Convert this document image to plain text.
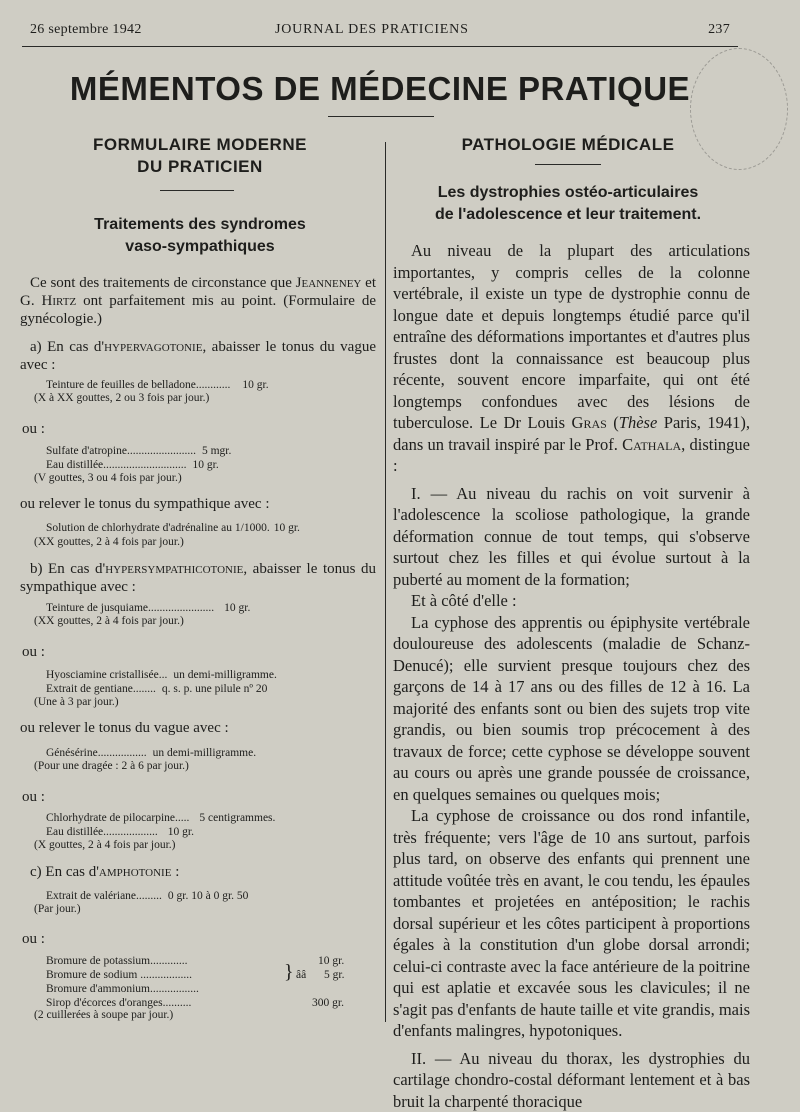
26 septembre 1942	JOURNAL DES PRATICIENS	237
MÉMENTOS DE MÉDECINE PRATIQUE
FORMULAIRE MODERNE
DU PRATICIEN
Traitements des syndromes
vaso-sympathiques

Ce sont des traitements de circonstance que Jeanneney et G. Hirtz ont parfaitement mis au point. (Formulaire de gynécologie.)

a) En cas d'hypervagotonie, abaisser le tonus du vague avec :

Teinture de feuilles de belladone ............ 10 gr.
(X à XX gouttes, 2 ou 3 fois par jour.)
ou :
Sulfate d'atropine ........................ 5 mgr.
Eau distillée ............................. 10 gr.
(V gouttes, 3 ou 4 fois par jour.)
ou relever le tonus du sympathique avec :
Solution de chlorhydrate d'adrénaline au 1/1000 . 10 gr.
(XX gouttes, 2 à 4 fois par jour.)

b) En cas d'hypersympathicotonie, abaisser le tonus du sympathique avec :

Teinture de jusquiame ....................... 10 gr.
(XX gouttes, 2 à 4 fois par jour.)
ou :
Hyosciamine cristallisée ... un demi-milligramme.
Extrait de gentiane ........ q. s. p. une pilule nº 20
(Une à 3 par jour.)
ou relever le tonus du vague avec :
Génésérine ................. un demi-milligramme.
(Pour une dragée : 2 à 6 par jour.)
ou :
Chlorhydrate de pilocarpine ..... 5 centigrammes.
Eau distillée ................... 10 gr.
(X gouttes, 2 à 4 fois par jour.)

c) En cas d'amphotonie :

Extrait de valériane ......... 0 gr. 10 à 0 gr. 50
(Par jour.)
ou :
Bromure de potassium.............	10 gr.
Bromure de sodium ..................	} ââ 5 gr.
Bromure d'ammonium.................
Sirop d'écorces d'oranges..........	300 gr.
(2 cuillerées à soupe par jour.)
PATHOLOGIE MÉDICALE
Les dystrophies ostéo-articulaires
de l'adolescence et leur traitement.

Au niveau de la plupart des articulations importantes, y compris celles de la colonne vertébrale, il existe un type de dystrophie connu de longue date et depuis longtemps étudié parce qu'il entraîne des déformations importantes et d'autres plus frustes dont la connaissance est beaucoup plus récente, souvent encore imparfaite, qui ont été longtemps confondues avec des lésions de tuberculose. Le Dr Louis Gras (Thèse Paris, 1941), dans un travail inspiré par le Prof. Cathala, distingue :

I. — Au niveau du rachis on voit survenir à l'adolescence la scoliose pathologique, la grande déformation connue de tout temps, qui s'observe surtout chez les filles et qui évolue surtout à la puberté au moment de la formation;

Et à côté d'elle :

La cyphose des apprentis ou épiphysite vertébrale douloureuse des adolescents (maladie de Schanz-Denucé); elle survient presque toujours chez des garçons de 14 à 17 ans ou des filles de 12 à 16. La majorité des enfants sont ou bien des sujets trop vite grandis, ou bien soumis trop précocement à des travaux de force; cette cyphose se développe souvent au cours ou après une grande poussée de croissance, en quelques semaines ou quelques mois;

La cyphose de croissance ou dos rond infantile, très fréquente; vers l'âge de 10 ans surtout, parfois plus tard, on observe des enfants qui prennent une attitude voûtée très en avant, le cou tendu, les épaules tombantes et projetées en antéposition; le rachis dorsal supérieur et les côtes participent à proportions égales à la constitution d'un globe dorsal arrondi; celui-ci contraste avec la face antérieure de la poitrine qui est aplatie et excavée sous les clavicules; il ne s'agit pas d'enfants de haute taille et vite grandis, mais d'enfants malingres, hypotoniques.

II. — Au niveau du thorax, les dystrophies du cartilage chondro-costal déformant lentement et à bas bruit la charpenté thoracique
